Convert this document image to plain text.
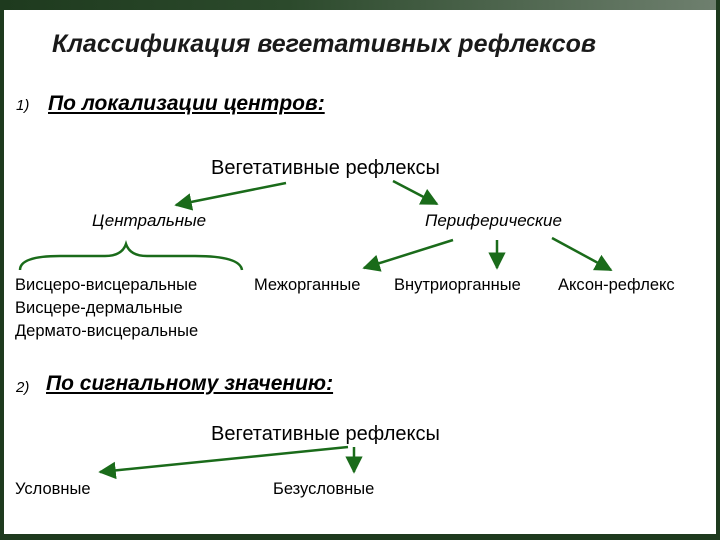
Классификация вегетативных рефлексов
1) По локализации центров:
Вегетативные рефлексы
Центральные	Периферические
Висцеро-висцеральные
Висцере-дермальные
Дермато-висцеральные
Межорганные Внутриорганные Аксон-рефлекс
2) По сигнальному значению:
Вегетативные рефлексы
Условные	Безусловные
